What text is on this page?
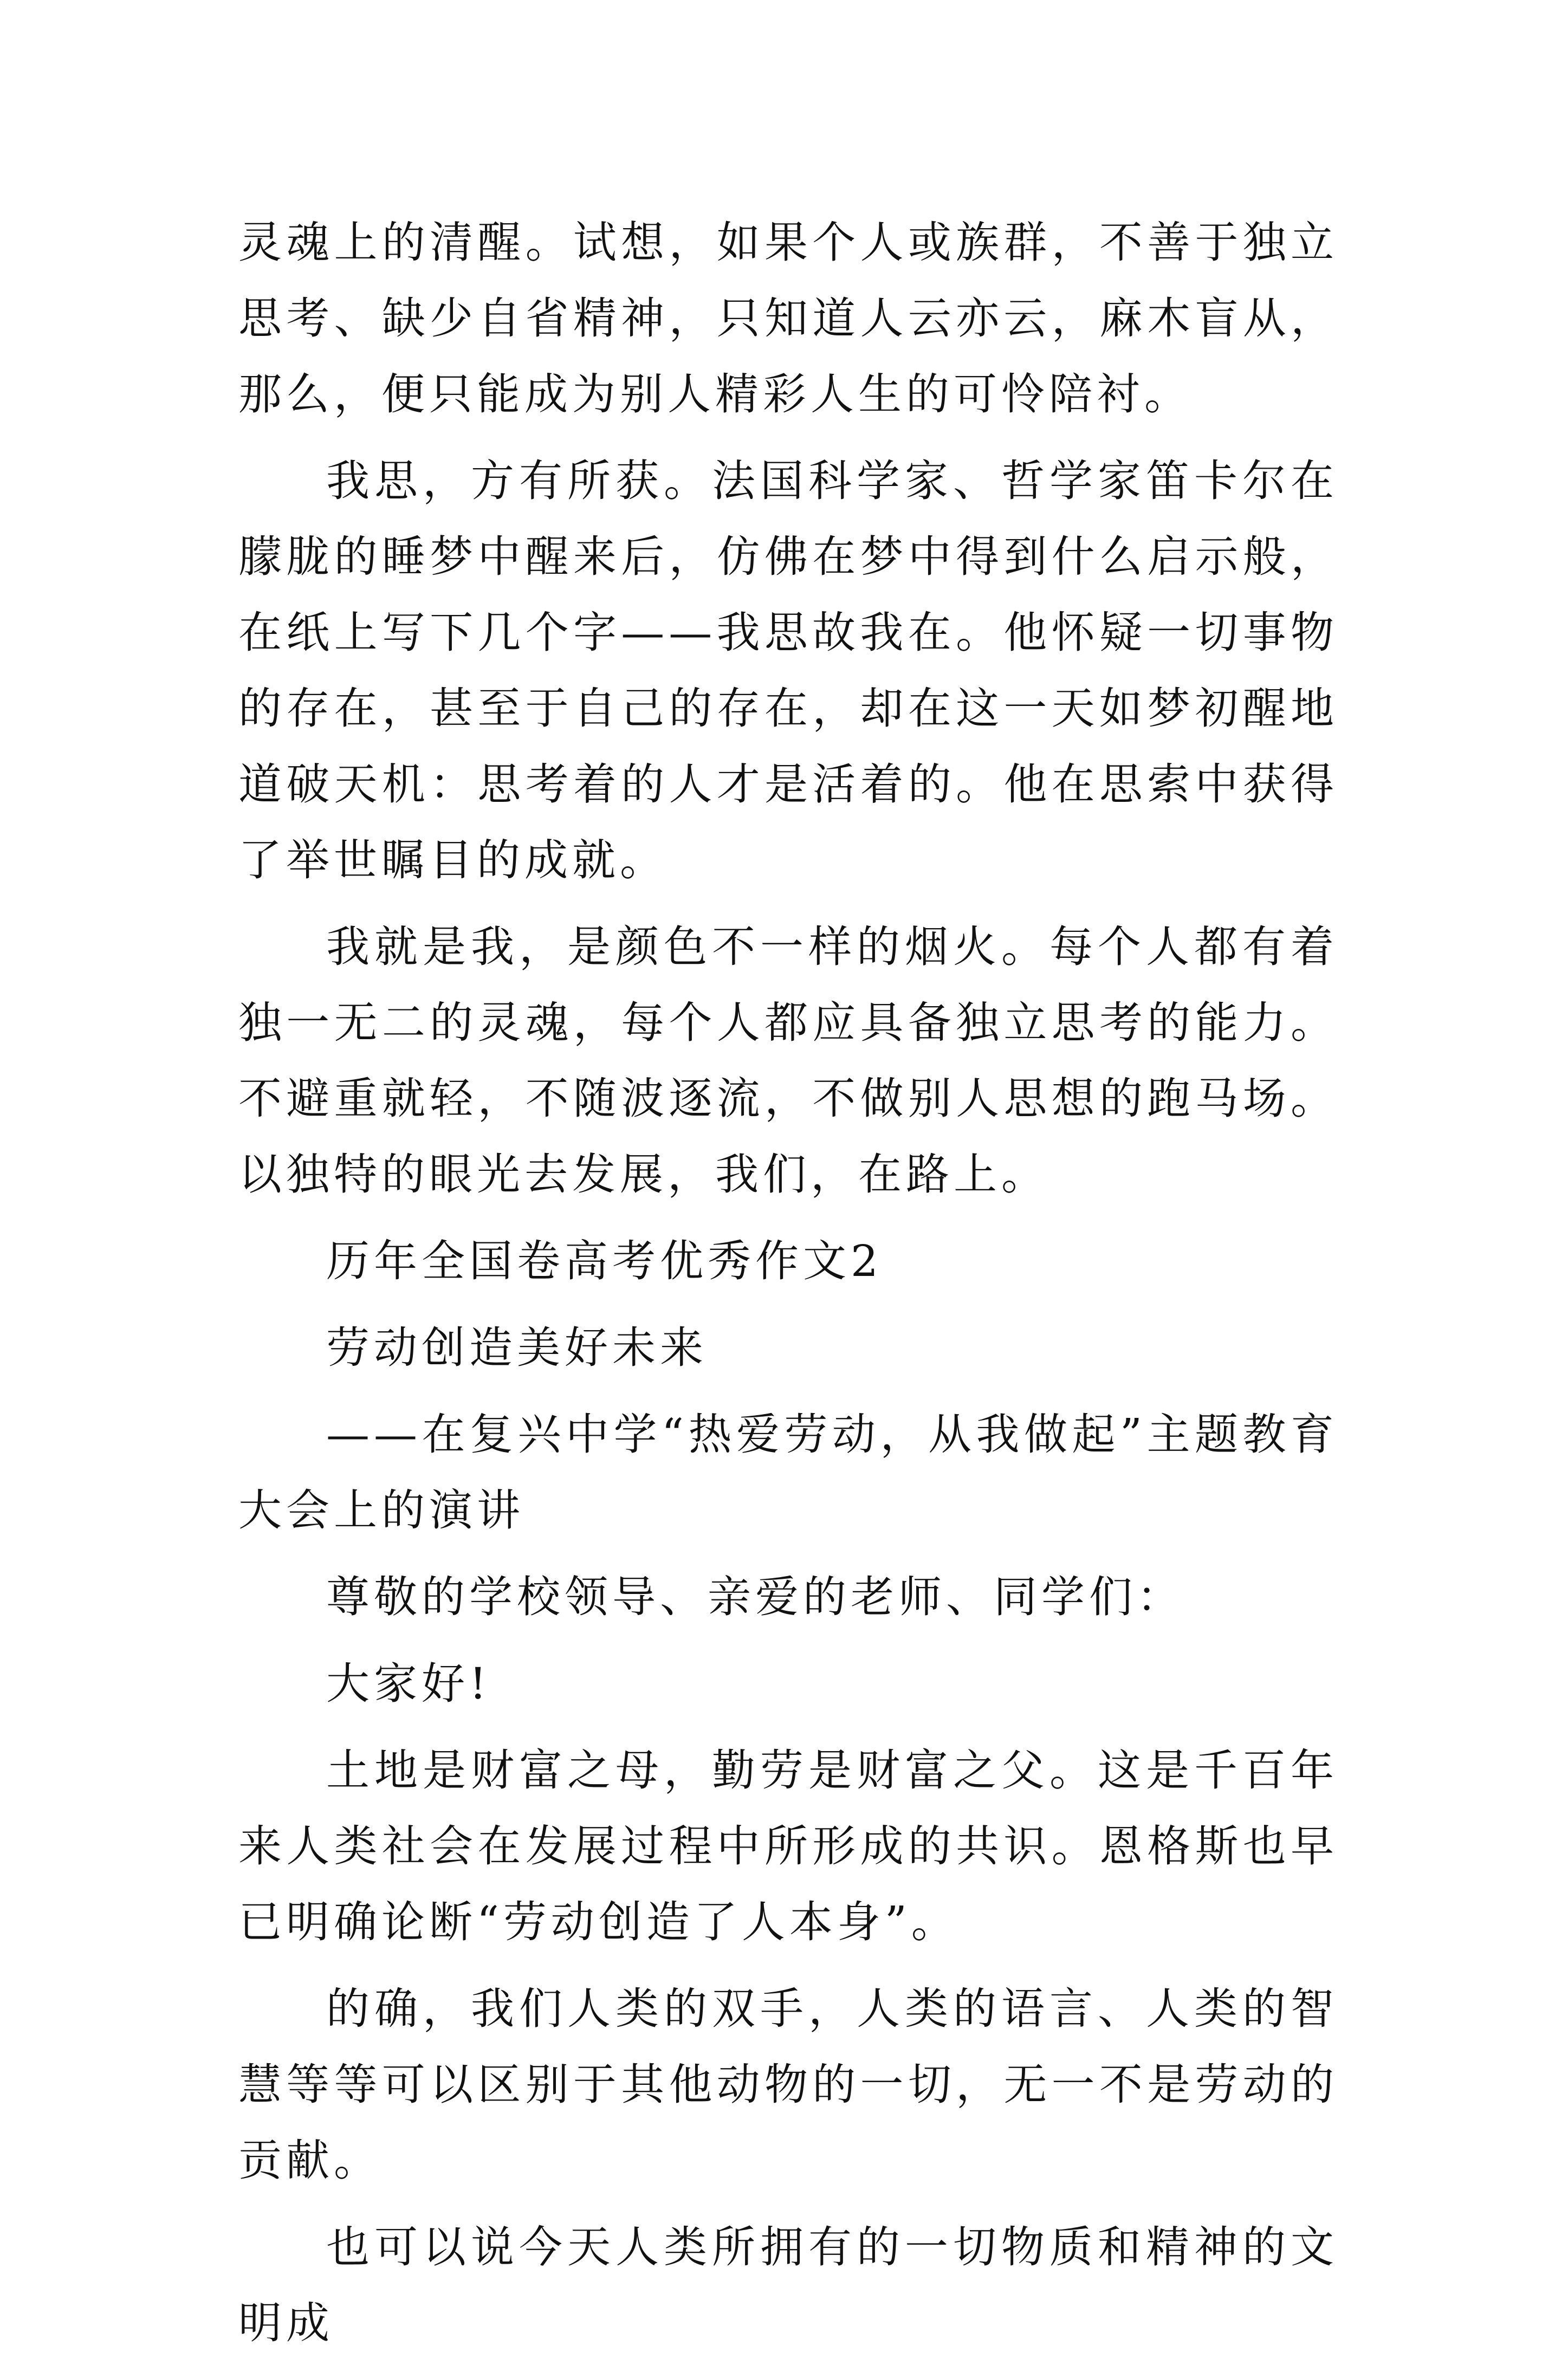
灵魂上的清醒。试想，如果个人或族群，不善于独立思考、缺少自省精神，只知道人云亦云，麻木盲从，那么，便只能成为别人精彩人生的可怜陪衬。

我思，方有所获。法国科学家、哲学家笛卡尔在朦胧的睡梦中醒来后，仿佛在梦中得到什么启示般，在纸上写下几个字——我思故我在。他怀疑一切事物的存在，甚至于自己的存在，却在这一天如梦初醒地道破天机：思考着的人才是活着的。他在思索中获得了举世瞩目的成就。

我就是我，是颜色不一样的烟火。每个人都有着独一无二的灵魂，每个人都应具备独立思考的能力。不避重就轻，不随波逐流，不做别人思想的跑马场。以独特的眼光去发展，我们，在路上。

历年全国卷高考优秀作文2

劳动创造美好未来

——在复兴中学“热爱劳动，从我做起”主题教育大会上的演讲

尊敬的学校领导、亲爱的老师、同学们：

大家好!

土地是财富之母，勤劳是财富之父。这是千百年来人类社会在发展过程中所形成的共识。恩格斯也早已明确论断“劳动创造了人本身”。

的确，我们人类的双手，人类的语言、人类的智慧等等可以区别于其他动物的一切，无一不是劳动的贡献。

也可以说今天人类所拥有的一切物质和精神的文明成
